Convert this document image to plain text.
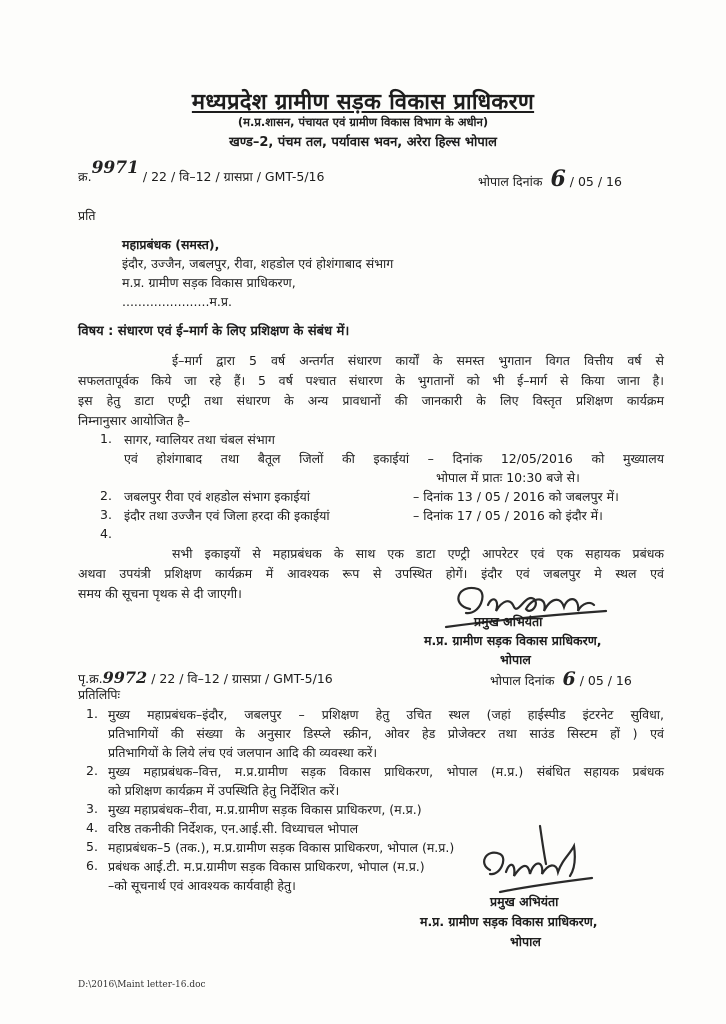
मध्यप्रदेश ग्रामीण सड़क विकास प्राधिकरण
(म.प्र.शासन, पंचायत एवं ग्रामीण विकास विभाग के अधीन)
खण्ड–2, पंचम तल, पर्यावास भवन, अरेरा हिल्स भोपाल
क्र.9971 / 22 / वि–12 / ग्रासप्रा / GMT-5/16	भोपाल दिनांक 6 / 05 / 16
प्रति
महाप्रबंधक (समस्त),
इंदौर, उज्जैन, जबलपुर, रीवा, शहडोल एवं होशंगाबाद संभाग
म.प्र. ग्रामीण सड़क विकास प्राधिकरण,
......................म.प्र.
विषय : संधारण एवं ई–मार्ग के लिए प्रशिक्षण के संबंध में।
ई–मार्ग द्वारा 5 वर्ष अन्तर्गत संधारण कार्यों के समस्त भुगतान विगत वित्तीय वर्ष से
सफलतापूर्वक किये जा रहे हैं। 5 वर्ष पश्चात संधारण के भुगतानों को भी ई–मार्ग से किया जाना है।
इस हेतु डाटा एण्ट्री तथा संधारण के अन्य प्रावधानों की जानकारी के लिए विस्तृत प्रशिक्षण कार्यक्रम
निम्नानुसार आयोजित है–
1. सागर, ग्वालियर तथा चंबल संभाग
एवं होशंगाबाद तथा बैतूल जिलों की इकाईयां – दिनांक 12/05/2016 को मुख्यालय
भोपाल में प्रातः 10:30 बजे से।
2. जबलपुर रीवा एवं शहडोल संभाग इकाईयां	– दिनांक 13 / 05 / 2016 को जबलपुर में।
3. इंदौर तथा उज्जैन एवं जिला हरदा की इकाईयां	– दिनांक 17 / 05 / 2016 को इंदौर में।
4.
सभी इकाइयों से महाप्रबंधक के साथ एक डाटा एण्ट्री आपरेटर एवं एक सहायक प्रबंधक
अथवा उपयंत्री प्रशिक्षण कार्यक्रम में आवश्यक रूप से उपस्थित होगें। इंदौर एवं जबलपुर मे स्थल एवं
समय की सूचना पृथक से दी जाएगी।
प्रमुख अभियंता
म.प्र. ग्रामीण सड़क विकास प्राधिकरण,
भोपाल
पृ.क्र.9972 / 22 / वि–12 / ग्रासप्रा / GMT-5/16	भोपाल दिनांक 6 / 05 / 16
प्रतिलिपिः
1. मुख्य महाप्रबंधक–इंदौर, जबलपुर – प्रशिक्षण हेतु उचित स्थल (जहां हाईस्पीड इंटरनेट सुविधा,
प्रतिभागियों की संख्या के अनुसार डिस्प्ले स्क्रीन, ओवर हेड प्रोजेक्टर तथा साउंड सिस्टम हों ) एवं
प्रतिभागियों के लिये लंच एवं जलपान आदि की व्यवस्था करें।
2. मुख्य महाप्रबंधक–वित्त, म.प्र.ग्रामीण सड़क विकास प्राधिकरण, भोपाल (म.प्र.) संबंधित सहायक प्रबंधक
को प्रशिक्षण कार्यक्रम में उपस्थिति हेतु निर्देशित करें।
3. मुख्य महाप्रबंधक–रीवा, म.प्र.ग्रामीण सड़क विकास प्राधिकरण, (म.प्र.)
4. वरिष्ठ तकनीकी निर्देशक, एन.आई.सी. विध्याचल भोपाल
5. महाप्रबंधक–5 (तक.), म.प्र.ग्रामीण सड़क विकास प्राधिकरण, भोपाल (म.प्र.)
6. प्रबंधक आई.टी. म.प्र.ग्रामीण सड़क विकास प्राधिकरण, भोपाल (म.प्र.)
–को सूचनार्थ एवं आवश्यक कार्यवाही हेतु।
प्रमुख अभियंता
म.प्र. ग्रामीण सड़क विकास प्राधिकरण,
भोपाल
D:\2016\Maint letter-16.doc
